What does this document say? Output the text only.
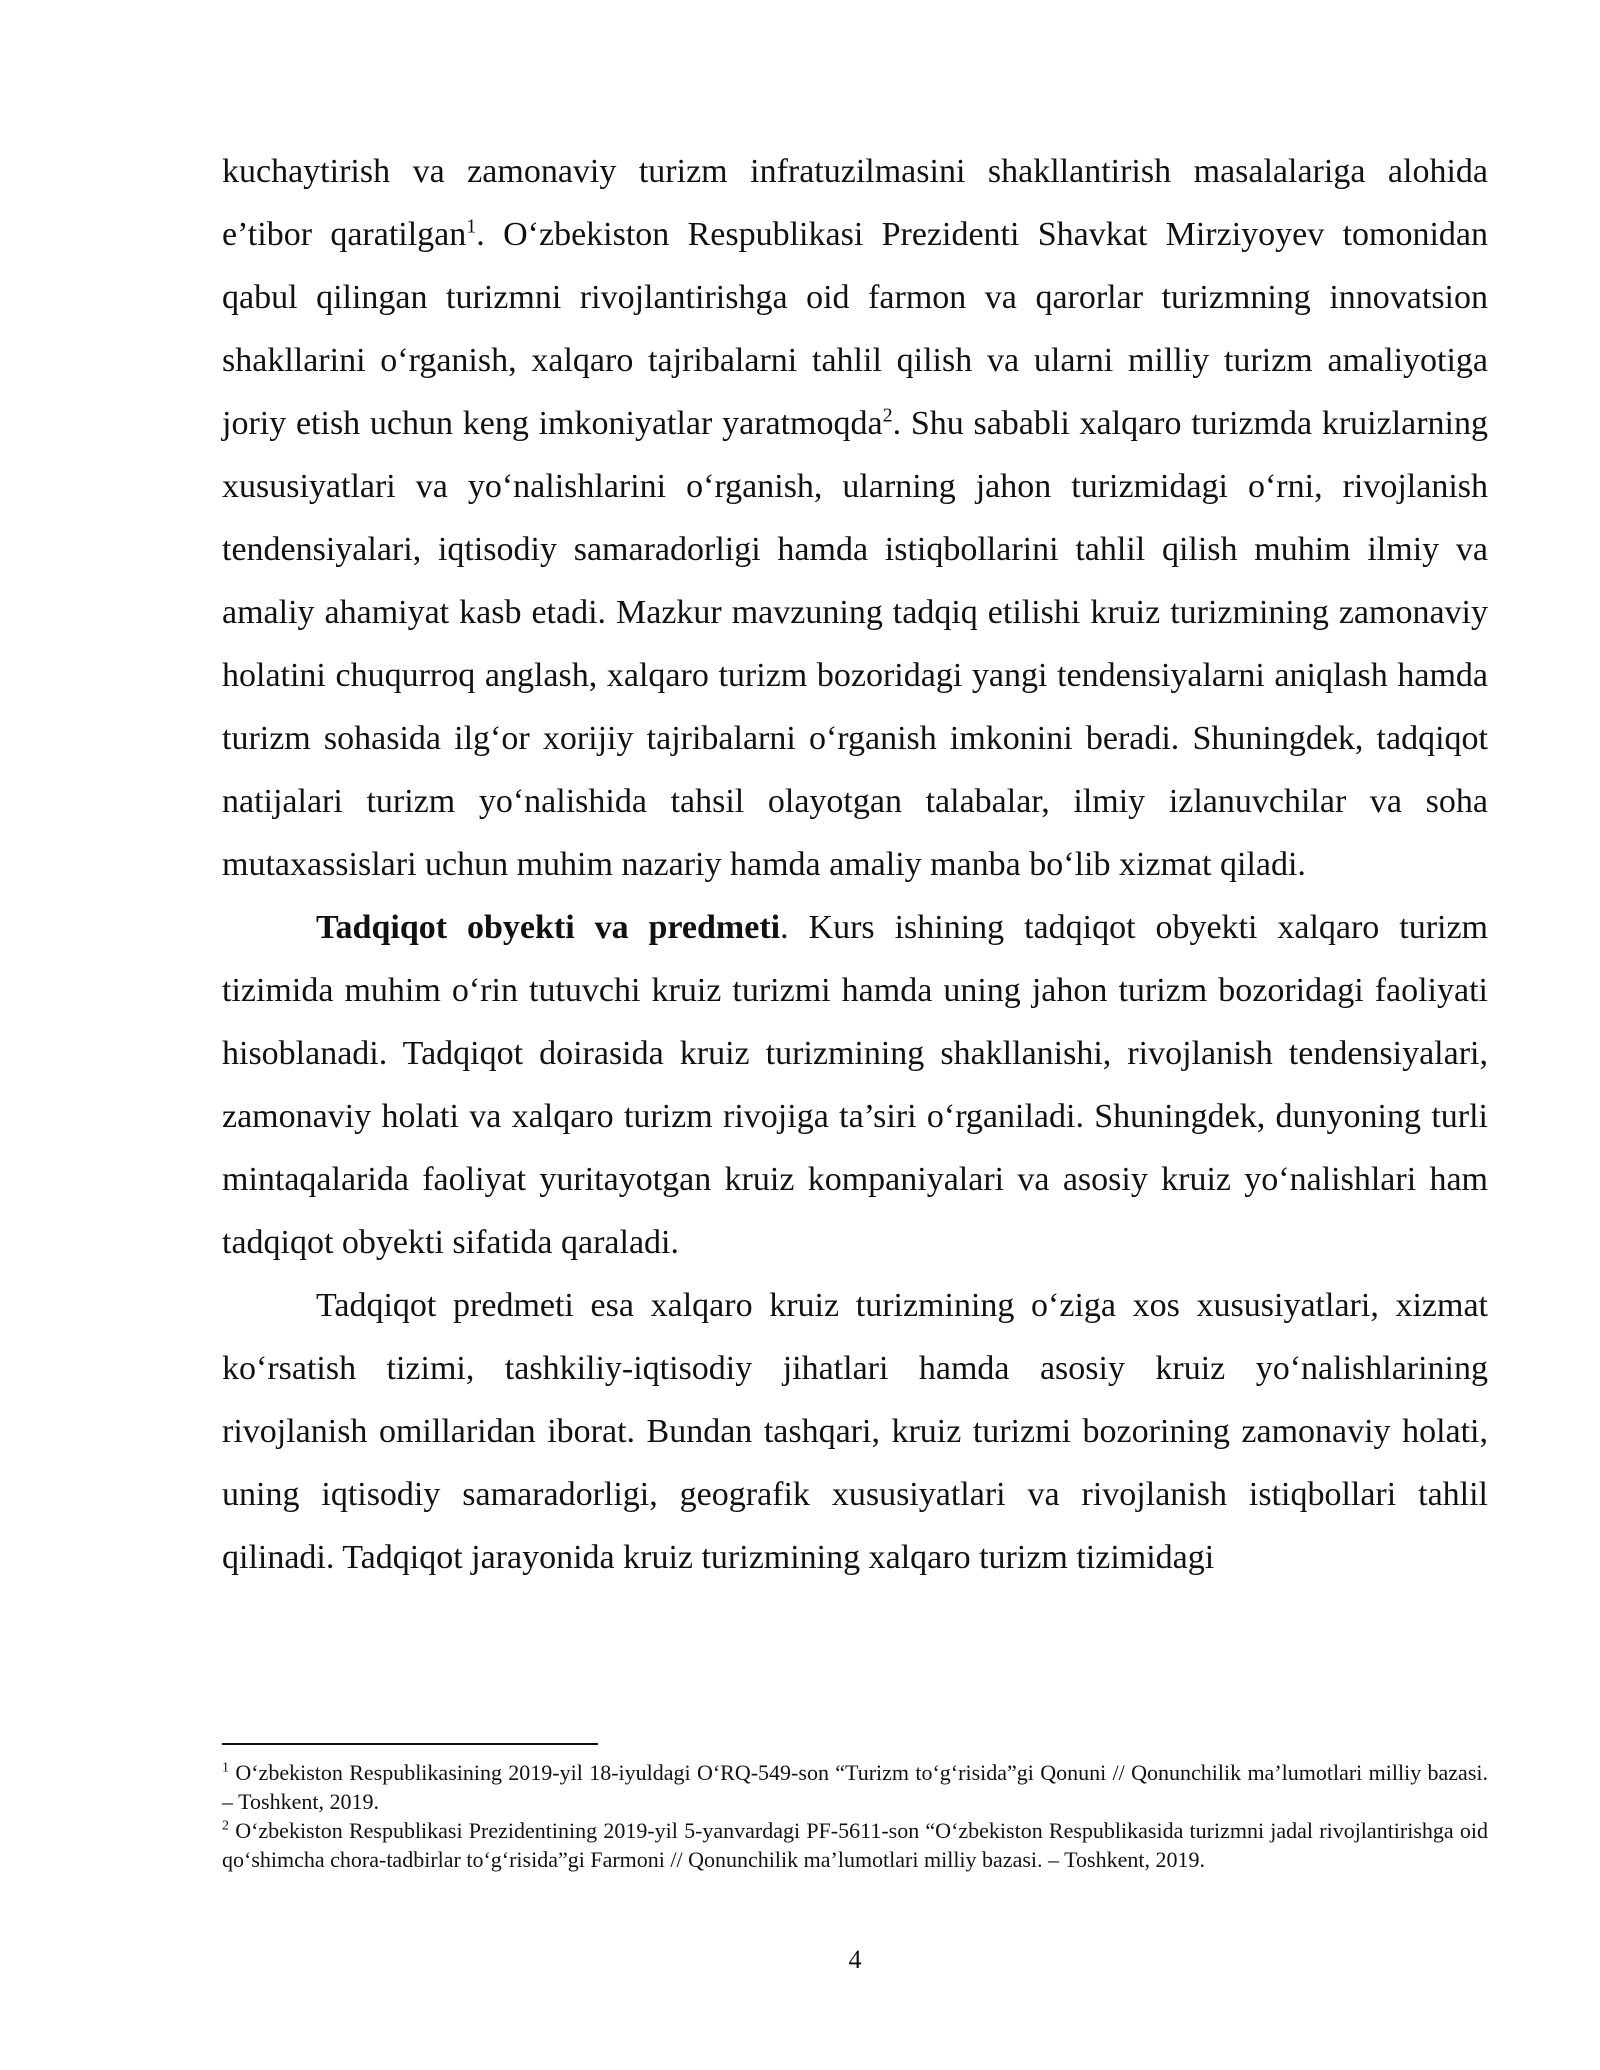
kuchaytirish va zamonaviy turizm infratuzilmasini shakllantirish masalalariga alohida e’tibor qaratilgan$^1$. O‘zbekiston Respublikasi Prezidenti Shavkat Mirziyoyev tomonidan qabul qilingan turizmni rivojlantirishga oid farmon va qarorlar turizmning innovatsion shakllarini o‘rganish, xalqaro tajribalarni tahlil qilish va ularni milliy turizm amaliyotiga joriy etish uchun keng imkoniyatlar yaratmoqda$^2$. Shu sababli xalqaro turizmda kruizlarning xususiyatlari va yo‘nalishlarini o‘rganish, ularning jahon turizmidagi o‘rni, rivojlanish tendensiyalari, iqtisodiy samaradorligi hamda istiqbollarini tahlil qilish muhim ilmiy va amaliy ahamiyat kasb etadi. Mazkur mavzuning tadqiq etilishi kruiz turizmining zamonaviy holatini chuqurroq anglash, xalqaro turizm bozoridagi yangi tendensiyalarni aniqlash hamda turizm sohasida ilg‘or xorijiy tajribalarni o‘rganish imkonini beradi. Shuningdek, tadqiqot natijalari turizm yo‘nalishida tahsil olayotgan talabalar, ilmiy izlanuvchilar va soha mutaxassislari uchun muhim nazariy hamda amaliy manba bo‘lib xizmat qiladi.

Tadqiqot obyekti va predmeti. Kurs ishining tadqiqot obyekti xalqaro turizm tizimida muhim o‘rin tutuvchi kruiz turizmi hamda uning jahon turizm bozoridagi faoliyati hisoblanadi. Tadqiqot doirasida kruiz turizmining shakllanishi, rivojlanish tendensiyalari, zamonaviy holati va xalqaro turizm rivojiga ta’siri o‘rganiladi. Shuningdek, dunyoning turli mintaqalarida faoliyat yuritayotgan kruiz kompaniyalari va asosiy kruiz yo‘nalishlari ham tadqiqot obyekti sifatida qaraladi.

Tadqiqot predmeti esa xalqaro kruiz turizmining o‘ziga xos xususiyatlari, xizmat ko‘rsatish tizimi, tashkiliy-iqtisodiy jihatlari hamda asosiy kruiz yo‘nalishlarining rivojlanish omillaridan iborat. Bundan tashqari, kruiz turizmi bozorining zamonaviy holati, uning iqtisodiy samaradorligi, geografik xususiyatlari va rivojlanish istiqbollari tahlil qilinadi. Tadqiqot jarayonida kruiz turizmining xalqaro turizm tizimidagi

$^1$ O‘zbekiston Respublikasining 2019-yil 18-iyuldagi O‘RQ-549-son “Turizm to‘g‘risida”gi Qonuni // Qonunchilik ma’lumotlari milliy bazasi. – Toshkent, 2019.

$^2$ O‘zbekiston Respublikasi Prezidentining 2019-yil 5-yanvardagi PF-5611-son “O‘zbekiston Respublikasida turizmni jadal rivojlantirishga oid qo‘shimcha chora-tadbirlar to‘g‘risida”gi Farmoni // Qonunchilik ma’lumotlari milliy bazasi. – Toshkent, 2019.

4
